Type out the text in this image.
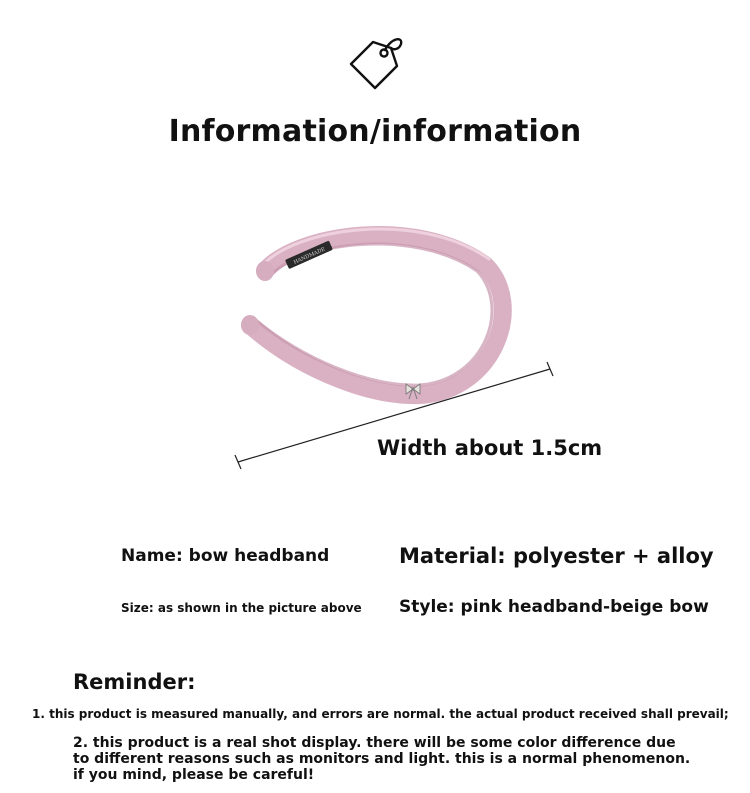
Information/information
HANDMADE
Width about 1.5cm
Name: bow headband	Material: polyester + alloy
Size: as shown in the picture above Style: pink headband-beige bow
Reminder:
1. this product is measured manually, and errors are normal. the actual product received shall prevail;
2. this product is a real shot display. there will be some color difference due to different reasons such as monitors and light. this is a normal phenomenon. if you mind, please be careful!
